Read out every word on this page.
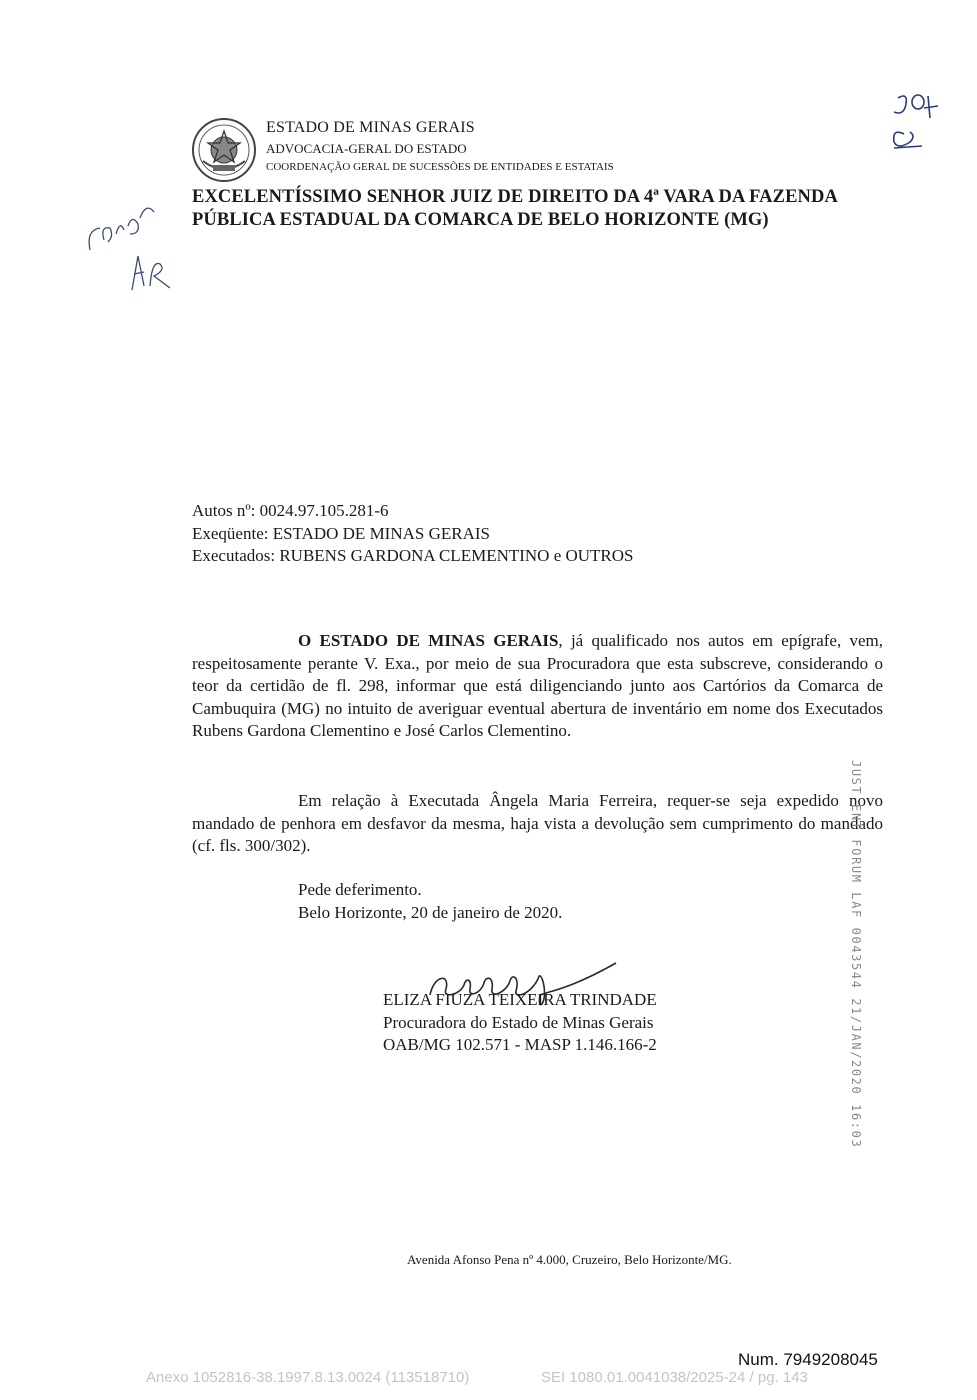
ESTADO DE MINAS GERAIS
ADVOCACIA-GERAL DO ESTADO
COORDENAÇÃO GERAL DE SUCESSÕES DE ENTIDADES E ESTATAIS
EXCELENTÍSSIMO SENHOR JUIZ DE DIREITO DA 4ª VARA DA FAZENDA
PÚBLICA ESTADUAL DA COMARCA DE BELO HORIZONTE (MG)
Autos nº: 0024.97.105.281-6
Exeqüente: ESTADO DE MINAS GERAIS
Executados: RUBENS GARDONA CLEMENTINO e OUTROS
O ESTADO DE MINAS GERAIS, já qualificado nos autos em epígrafe, vem, respeitosamente perante V. Exa., por meio de sua Procuradora que esta subscreve, considerando o teor da certidão de fl. 298, informar que está diligenciando junto aos Cartórios da Comarca de Cambuquira (MG) no intuito de averiguar eventual abertura de inventário em nome dos Executados Rubens Gardona Clementino e José Carlos Clementino.
Em relação à Executada Ângela Maria Ferreira, requer-se seja expedido novo mandado de penhora em desfavor da mesma, haja vista a devolução sem cumprimento do mandado (cf. fls. 300/302).
Pede deferimento.
Belo Horizonte, 20 de janeiro de 2020.
ELIZA FIUZA TEIXEIRA TRINDADE
Procuradora do Estado de Minas Gerais
OAB/MG 102.571 - MASP 1.146.166-2
Avenida Afonso Pena nº 4.000, Cruzeiro, Belo Horizonte/MG.
JUST ENT FORUM LAF 0043544 21/JAN/2020 16:03
Num. 7949208045
Anexo 1052816-38.1997.8.13.0024 (113518710)	SEI 1080.01.0041038/2025-24 / pg. 143
